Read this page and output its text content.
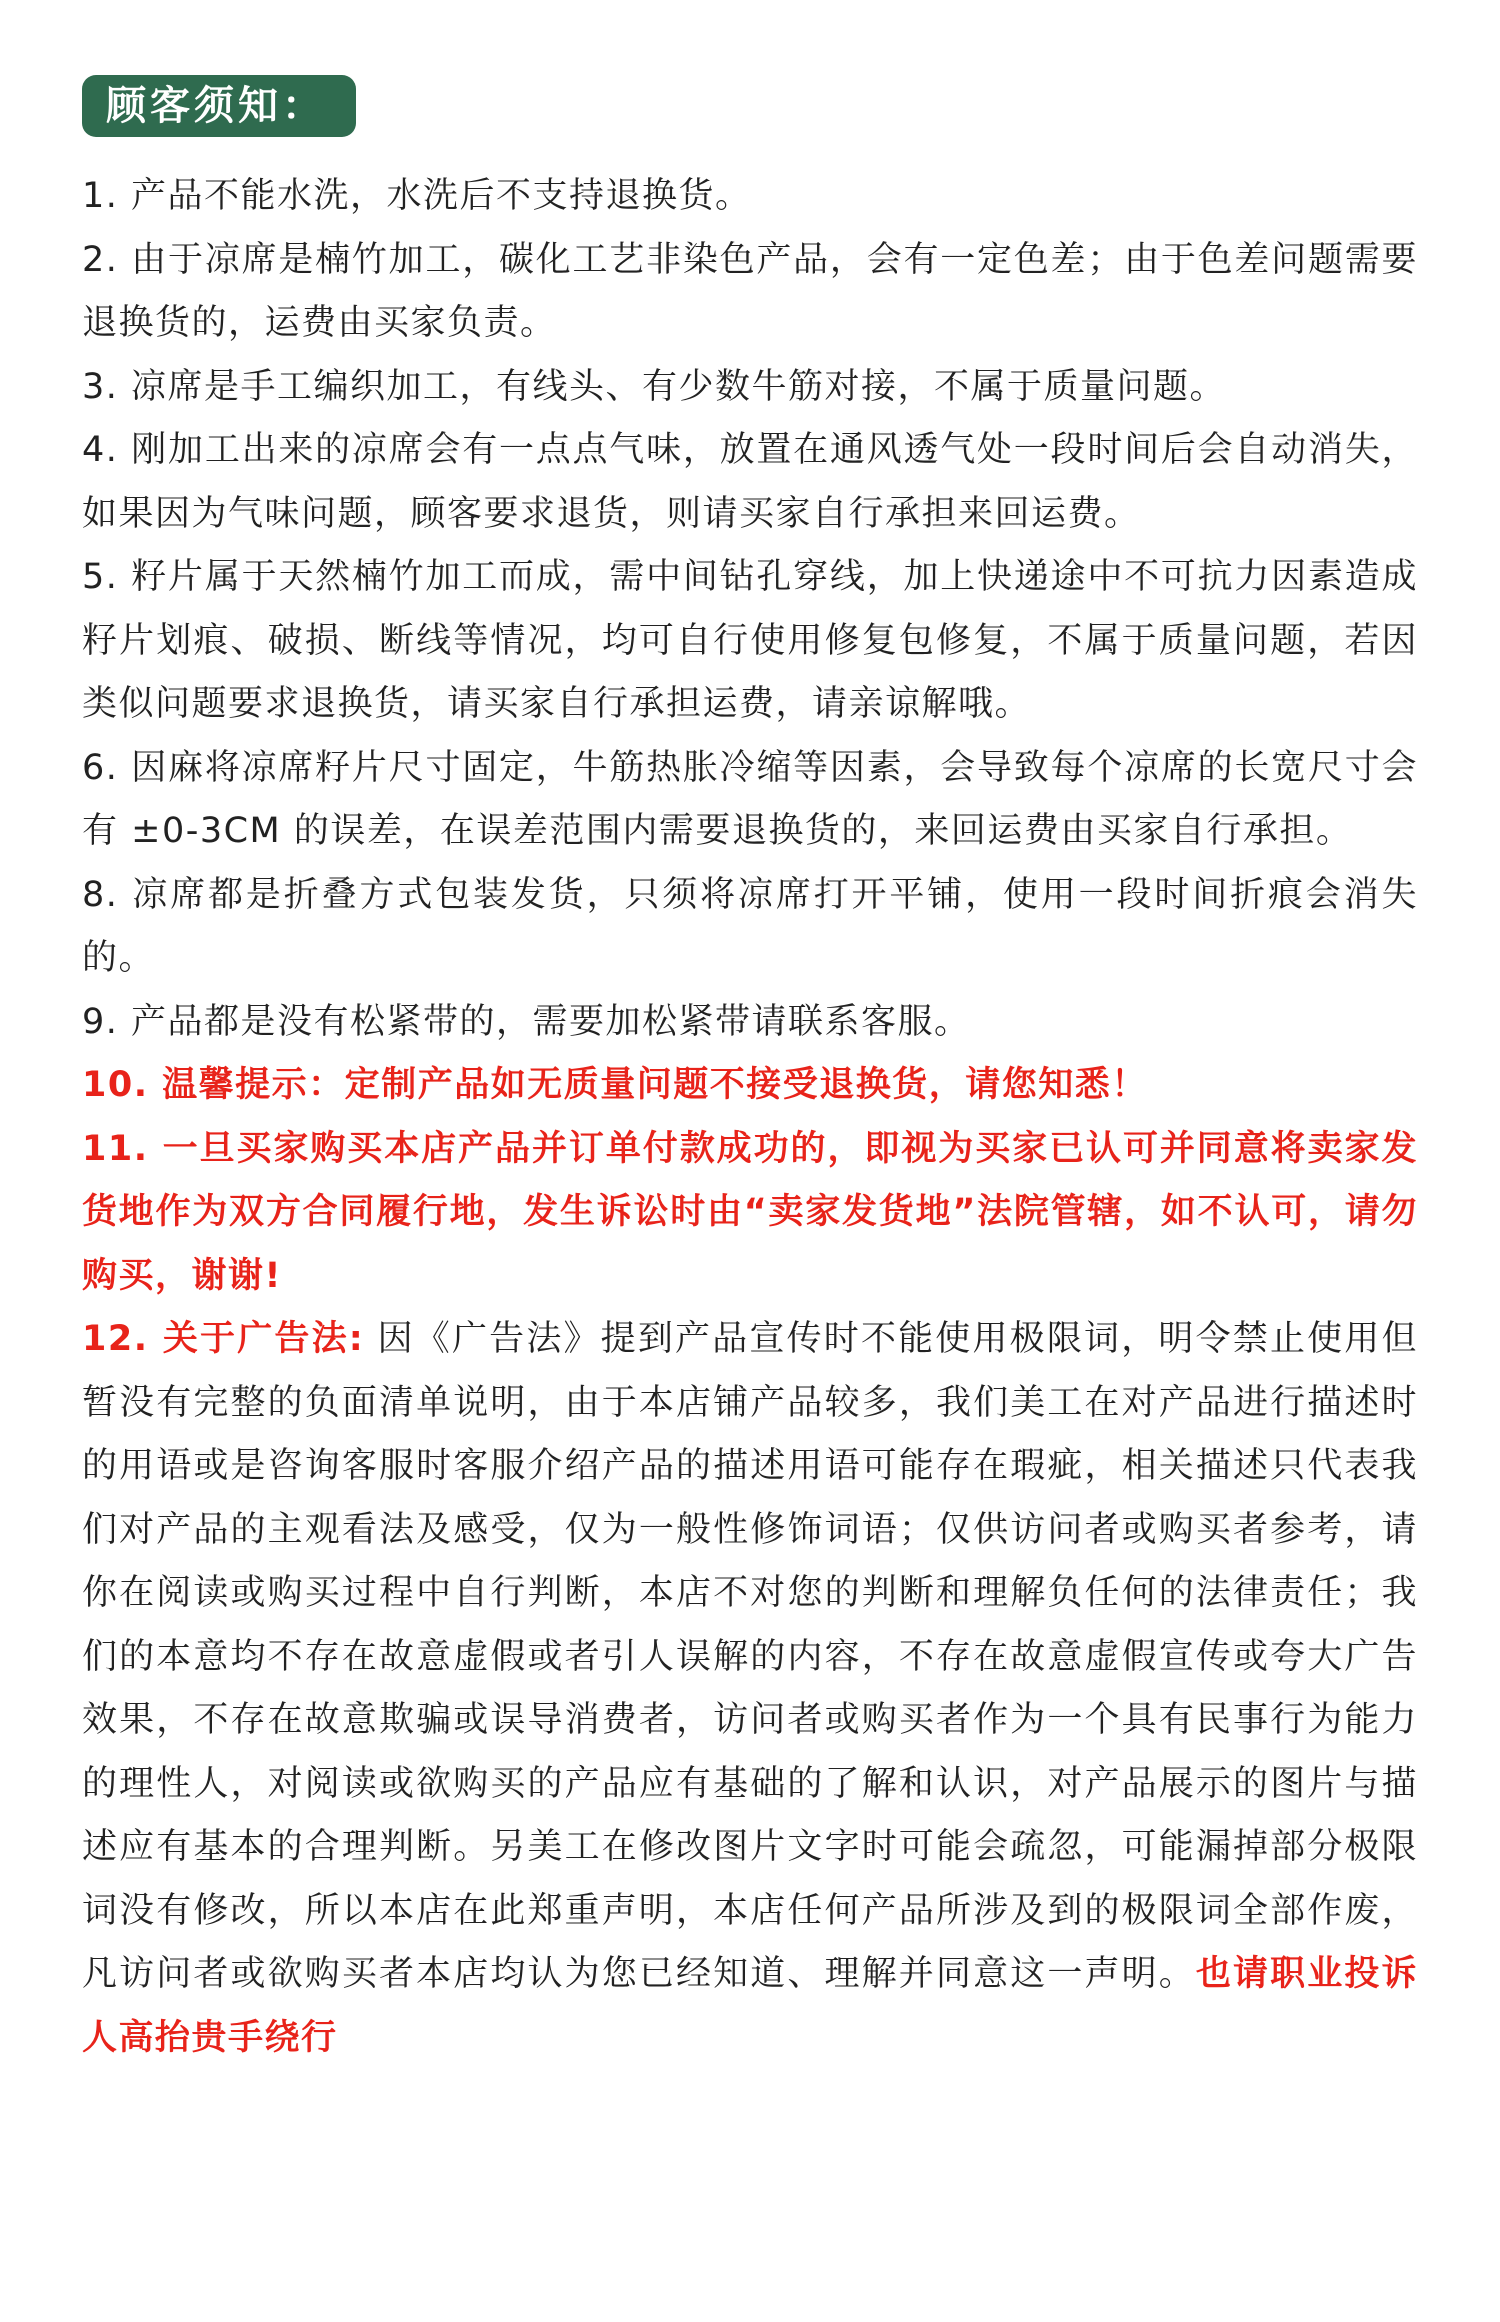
顾客须知：

1. 产品不能水洗，水洗后不支持退换货。

2. 由于凉席是楠竹加工，碳化工艺非染色产品，会有一定色差；由于色差问题需要退换货的，运费由买家负责。

3. 凉席是手工编织加工，有线头、有少数牛筋对接，不属于质量问题。

4. 刚加工出来的凉席会有一点点气味，放置在通风透气处一段时间后会自动消失，如果因为气味问题，顾客要求退货，则请买家自行承担来回运费。

5. 籽片属于天然楠竹加工而成，需中间钻孔穿线，加上快递途中不可抗力因素造成籽片划痕、破损、断线等情况，均可自行使用修复包修复，不属于质量问题，若因类似问题要求退换货，请买家自行承担运费，请亲谅解哦。

6. 因麻将凉席籽片尺寸固定，牛筋热胀冷缩等因素，会导致每个凉席的长宽尺寸会有 ±0-3CM 的误差，在误差范围内需要退换货的，来回运费由买家自行承担。

8. 凉席都是折叠方式包装发货，只须将凉席打开平铺，使用一段时间折痕会消失的。

9. 产品都是没有松紧带的，需要加松紧带请联系客服。

10. 温馨提示：定制产品如无质量问题不接受退换货，请您知悉！

11. 一旦买家购买本店产品并订单付款成功的，即视为买家已认可并同意将卖家发货地作为双方合同履行地，发生诉讼时由“卖家发货地”法院管辖，如不认可，请勿购买，谢谢!

12. 关于广告法: 因《广告法》提到产品宣传时不能使用极限词，明令禁止使用但暂没有完整的负面清单说明，由于本店铺产品较多，我们美工在对产品进行描述时的用语或是咨询客服时客服介绍产品的描述用语可能存在瑕疵，相关描述只代表我们对产品的主观看法及感受，仅为一般性修饰词语；仅供访问者或购买者参考，请你在阅读或购买过程中自行判断，本店不对您的判断和理解负任何的法律责任；我们的本意均不存在故意虚假或者引人误解的内容，不存在故意虚假宣传或夸大广告效果，不存在故意欺骗或误导消费者，访问者或购买者作为一个具有民事行为能力的理性人，对阅读或欲购买的产品应有基础的了解和认识，对产品展示的图片与描述应有基本的合理判断。另美工在修改图片文字时可能会疏忽，可能漏掉部分极限词没有修改，所以本店在此郑重声明，本店任何产品所涉及到的极限词全部作废，凡访问者或欲购买者本店均认为您已经知道、理解并同意这一声明。也请职业投诉人高抬贵手绕行
